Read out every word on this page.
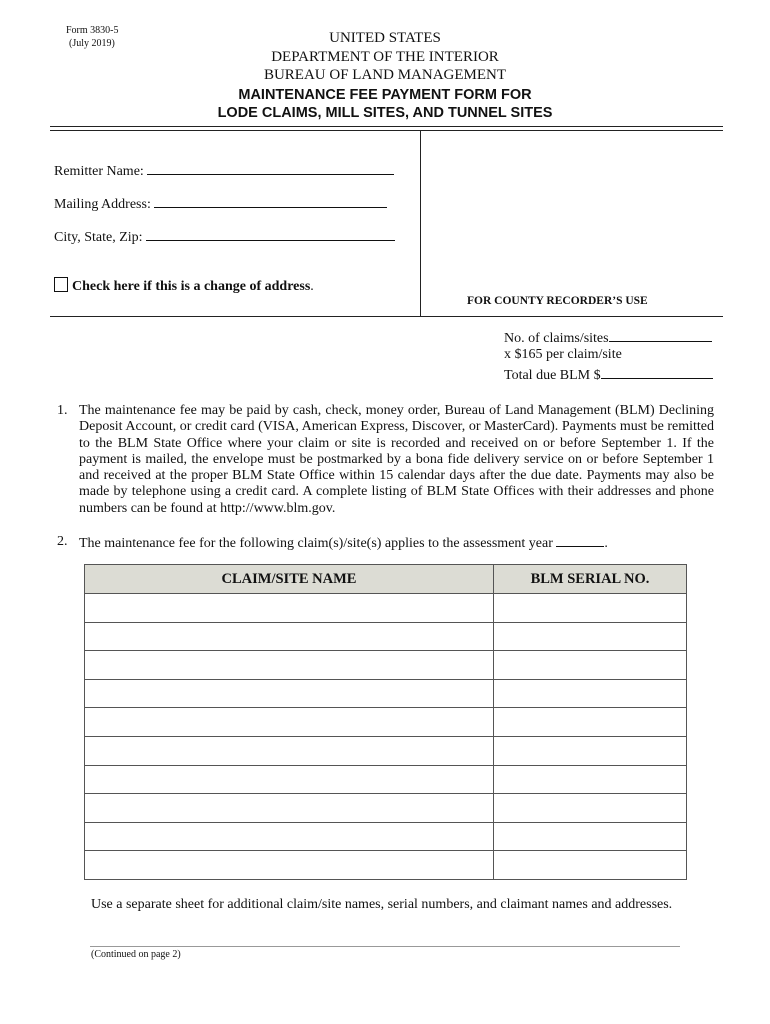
Form 3830-5
(July 2019)	UNITED STATES
DEPARTMENT OF THE INTERIOR
BUREAU OF LAND MANAGEMENT
MAINTENANCE FEE PAYMENT FORM FOR
LODE CLAIMS, MILL SITES, AND TUNNEL SITES
Remitter Name:
Mailing Address:
City, State, Zip:
Check here if this is a change of address.
FOR COUNTY RECORDER’S USE
No. of claims/sites
x $165 per claim/site
Total due BLM $
1. The maintenance fee may be paid by cash, check, money order, Bureau of Land Management (BLM) Declining Deposit Account, or credit card (VISA, American Express, Discover, or MasterCard). Payments must be remitted to the BLM State Office where your claim or site is recorded and received on or before September 1. If the payment is mailed, the envelope must be postmarked by a bona fide delivery service on or before September 1 and received at the proper BLM State Office within 15 calendar days after the due date. Payments may also be made by telephone using a credit card. A complete listing of BLM State Offices with their addresses and phone numbers can be found at http://www.blm.gov.
2. The maintenance fee for the following claim(s)/site(s) applies to the assessment year	.
CLAIM/SITE NAME	BLM SERIAL NO.

Use a separate sheet for additional claim/site names, serial numbers, and claimant names and addresses.
(Continued on page 2)
